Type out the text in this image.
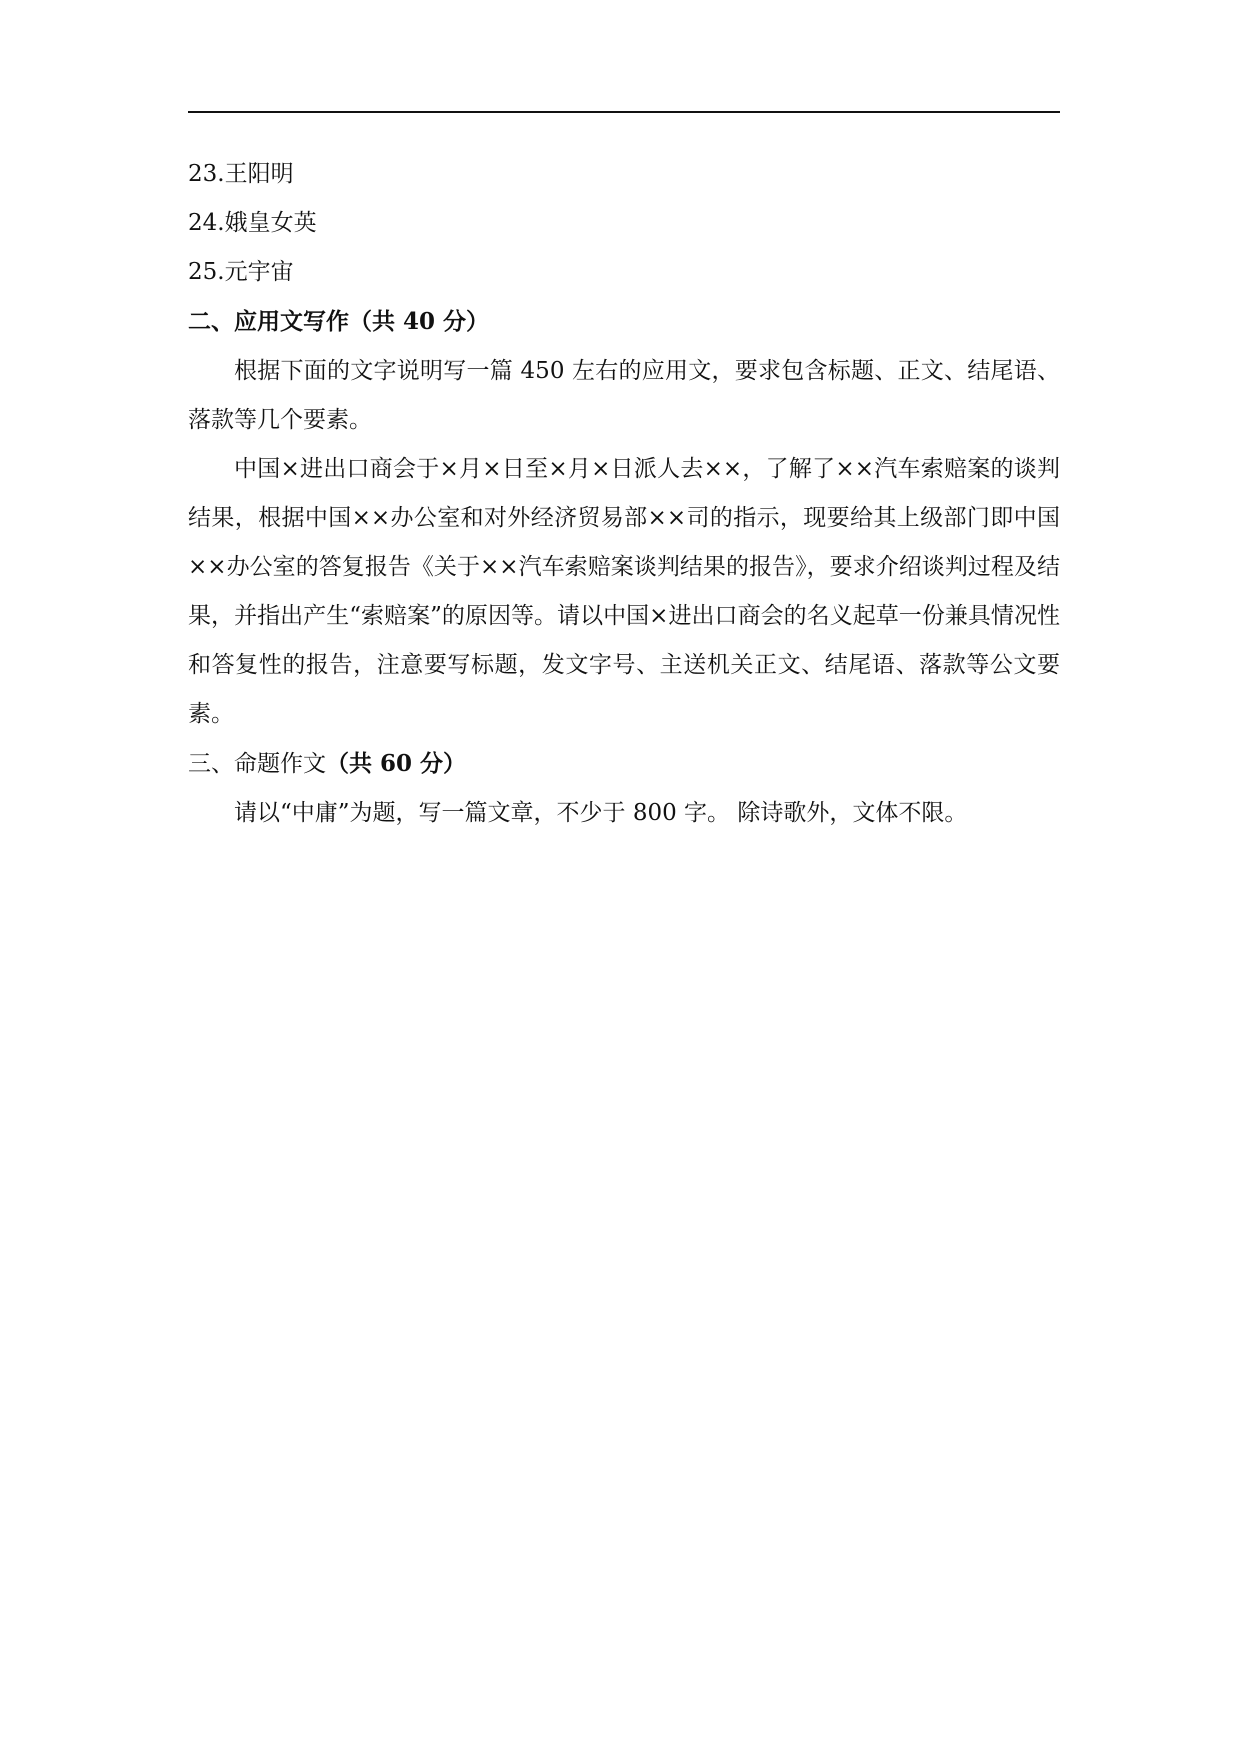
23.王阳明
24.娥皇女英
25.元宇宙
二、应用文写作（共 40 分）

根据下面的文字说明写一篇 450 左右的应用文，要求包含标题、正文、结尾语、落款等几个要素。

中国×进出口商会于×月×日至×月×日派人去××，了解了××汽车索赔案的谈判结果，根据中国××办公室和对外经济贸易部××司的指示，现要给其上级部门即中国××办公室的答复报告《关于××汽车索赔案谈判结果的报告》，要求介绍谈判过程及结果，并指出产生“索赔案”的原因等。请以中国×进出口商会的名义起草一份兼具情况性和答复性的报告，注意要写标题，发文字号、主送机关正文、结尾语、落款等公文要素。

三、命题作文（共 60 分）

请以“中庸”为题，写一篇文章，不少于 800 字。 除诗歌外，文体不限。
